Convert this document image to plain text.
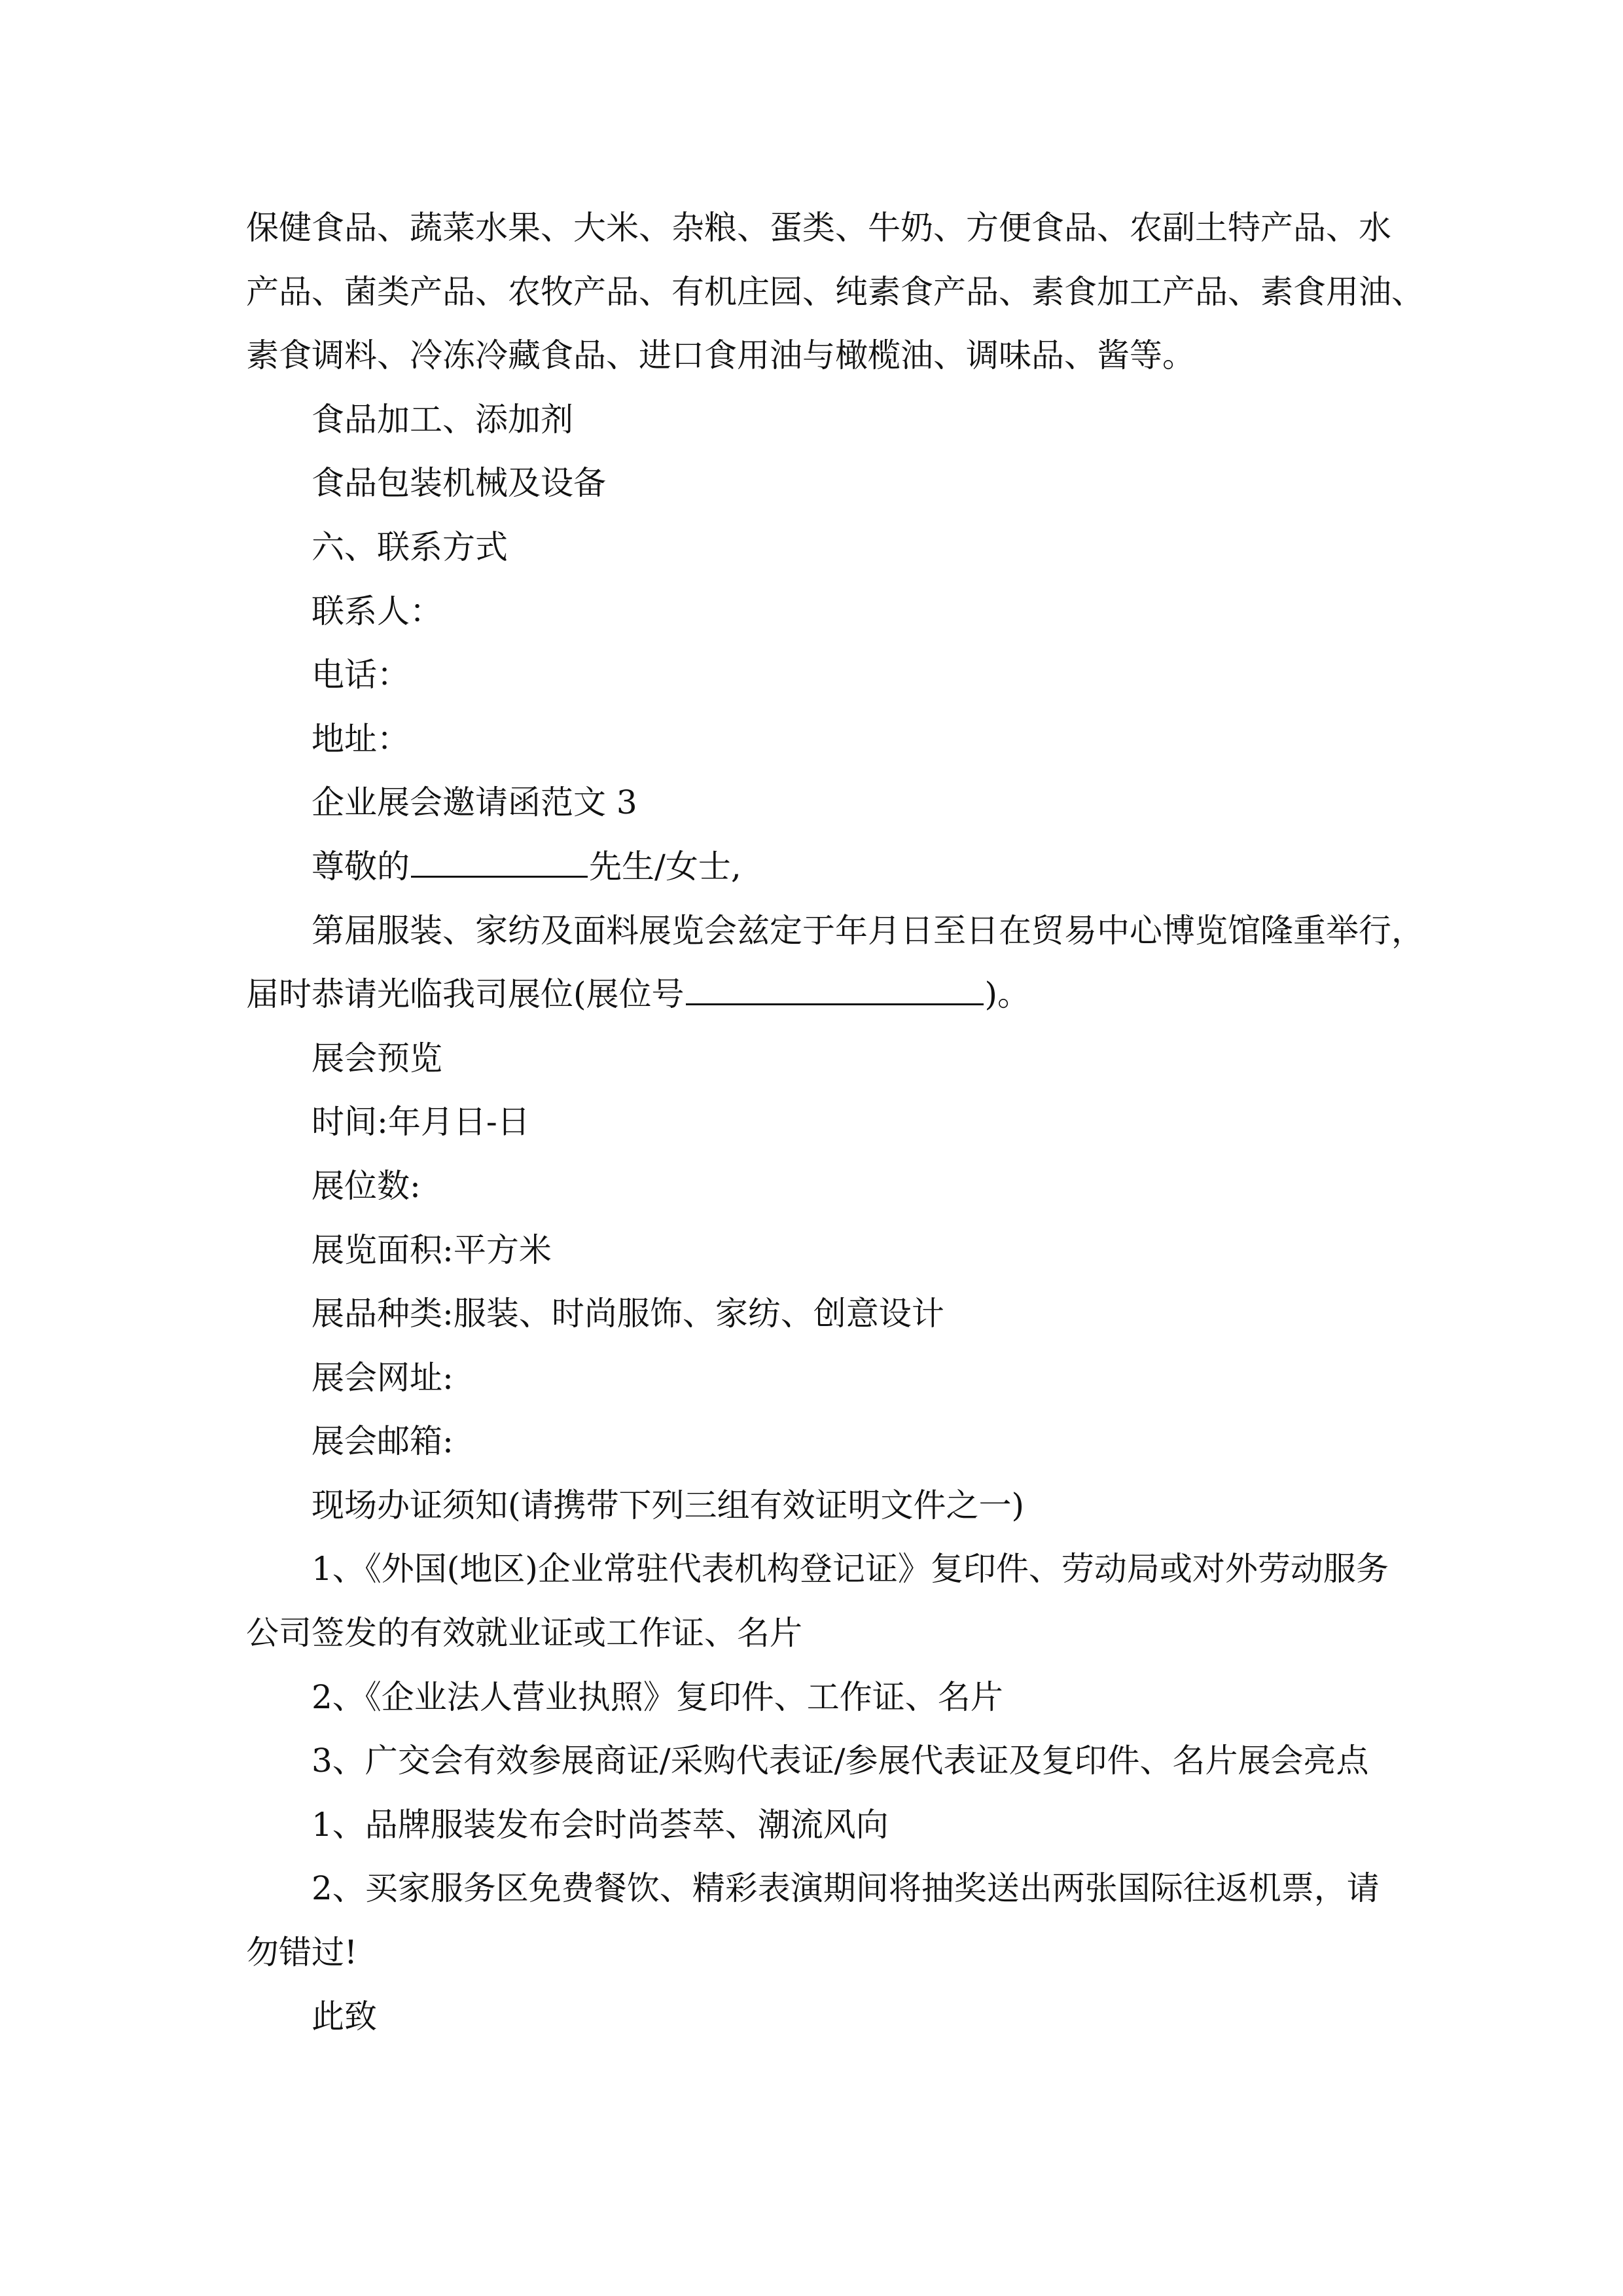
保健食品、蔬菜水果、大米、杂粮、蛋类、牛奶、方便食品、农副土特产品、水

产品、菌类产品、农牧产品、有机庄园、纯素食产品、素食加工产品、素食用油、

素食调料、冷冻冷藏食品、进口食用油与橄榄油、调味品、酱等。

食品加工、添加剂

食品包装机械及设备

六、联系方式

联系人：

电话：

地址：

企业展会邀请函范文 3

尊敬的	先生/女士,

第届服装、家纺及面料展览会兹定于年月日至日在贸易中心博览馆隆重举行，

届时恭请光临我司展位(展位号	)。

展会预览

时间:年月日-日

展位数:

展览面积:平方米

展品种类:服装、时尚服饰、家纺、创意设计

展会网址:

展会邮箱:

现场办证须知(请携带下列三组有效证明文件之一)

1、《外国(地区)企业常驻代表机构登记证》复印件、劳动局或对外劳动服务

公司签发的有效就业证或工作证、名片

2、《企业法人营业执照》复印件、工作证、名片

3、广交会有效参展商证/采购代表证/参展代表证及复印件、名片展会亮点

1、品牌服装发布会时尚荟萃、潮流风向

2、买家服务区免费餐饮、精彩表演期间将抽奖送出两张国际往返机票，请

勿错过!

此致
